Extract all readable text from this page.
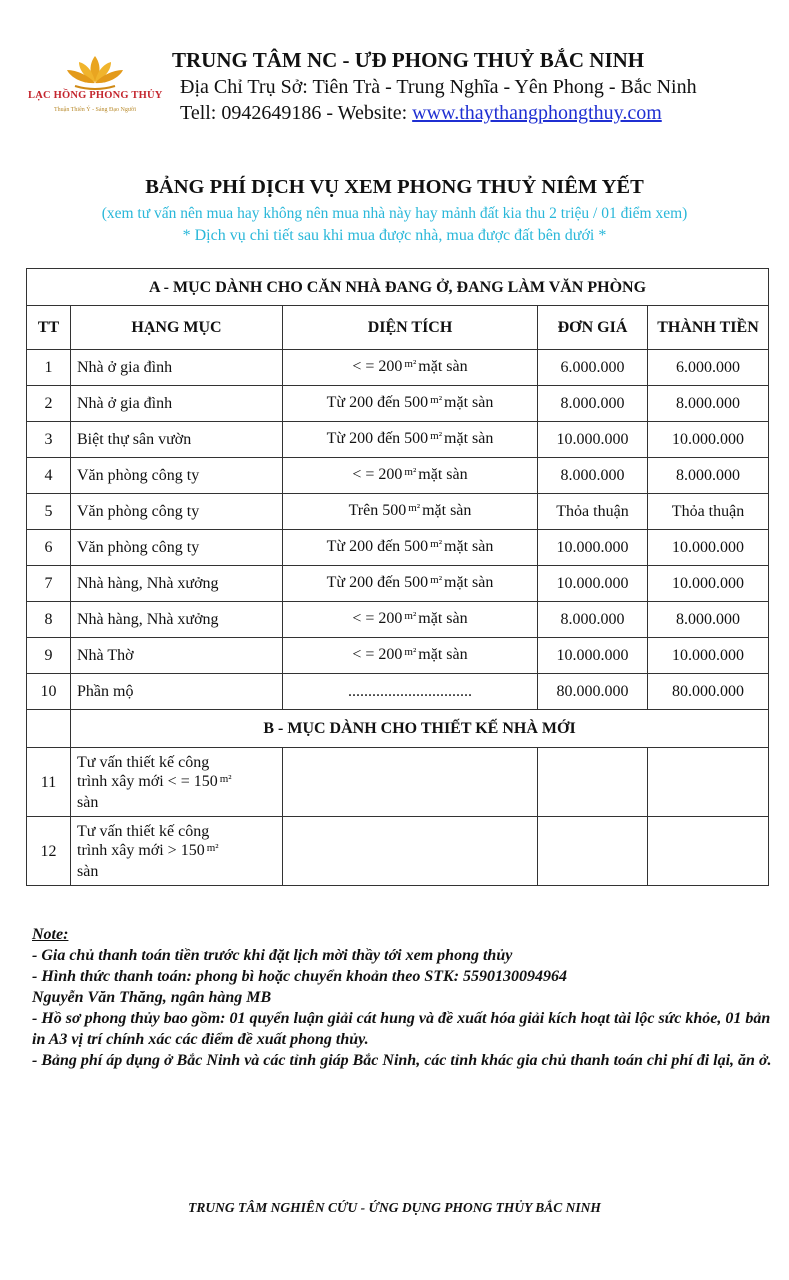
LẠC HỒNG PHONG THỦY
Thuận Thiên Ý - Sáng Đạo Người
TRUNG TÂM NC - ƯĐ PHONG THUỶ BẮC NINH
Địa Chỉ Trụ Sở: Tiên Trà - Trung Nghĩa - Yên Phong - Bắc Ninh
Tell: 0942649186 - Website: www.thaythangphongthuy.com
BẢNG PHÍ DỊCH VỤ XEM PHONG THUỶ NIÊM YẾT
(xem tư vấn nên mua hay không nên mua nhà này hay mảnh đất kia thu 2 triệu / 01 điểm xem)
* Dịch vụ chi tiết sau khi mua được nhà, mua được đất bên dưới *
A - MỤC DÀNH CHO CĂN NHÀ ĐANG Ở, ĐANG LÀM VĂN PHÒNG				
TT	HẠNG MỤC	DIỆN TÍCH	ĐƠN GIÁ	THÀNH TIỀN
1	Nhà ở gia đình	< = 200 $^{m^2}$ mặt sàn	6.000.000	6.000.000
2	Nhà ở gia đình	Từ 200 đến 500 $^{m^2}$ mặt sàn	8.000.000	8.000.000
3	Biệt thự sân vườn	Từ 200 đến 500 $^{m^2}$ mặt sàn	10.000.000	10.000.000
4	Văn phòng công ty	< = 200 $^{m^2}$ mặt sàn	8.000.000	8.000.000
5	Văn phòng công ty	Trên 500 $^{m^2}$ mặt sàn	Thỏa thuận	Thỏa thuận
6	Văn phòng công ty	Từ 200 đến 500 $^{m^2}$ mặt sàn	10.000.000	10.000.000
7	Nhà hàng, Nhà xưởng	Từ 200 đến 500 $^{m^2}$ mặt sàn	10.000.000	10.000.000
8	Nhà hàng, Nhà xưởng	< = 200 $^{m^2}$ mặt sàn	8.000.000	8.000.000
9	Nhà Thờ	< = 200 $^{m^2}$ mặt sàn	10.000.000	10.000.000
10	Phần mộ	...............................	80.000.000	80.000.000
	B - MỤC DÀNH CHO THIẾT KẾ NHÀ MỚI			
11	Tư vấn thiết kế công
trình xây mới < = 150 $^{m^2}$
sàn			

12	Tư vấn thiết kế công
trình xây mới > 150 $^{m^2}$
sàn			

Note:

- Gia chủ thanh toán tiền trước khi đặt lịch mời thầy tới xem phong thủy

- Hình thức thanh toán: phong bì hoặc chuyển khoản theo STK: 5590130094964

Nguyễn Văn Thăng, ngân hàng MB

- Hồ sơ phong thủy bao gồm: 01 quyển luận giải cát hung và đề xuất hóa giải kích hoạt tài lộc sức khỏe, 01 bản in A3 vị trí chính xác các điểm đề xuất phong thủy.

- Bảng phí áp dụng ở Bắc Ninh và các tỉnh giáp Bắc Ninh, các tỉnh khác gia chủ thanh toán chi phí đi lại, ăn ở.

TRUNG TÂM NGHIÊN CỨU - ỨNG DỤNG PHONG THỦY BẮC NINH
